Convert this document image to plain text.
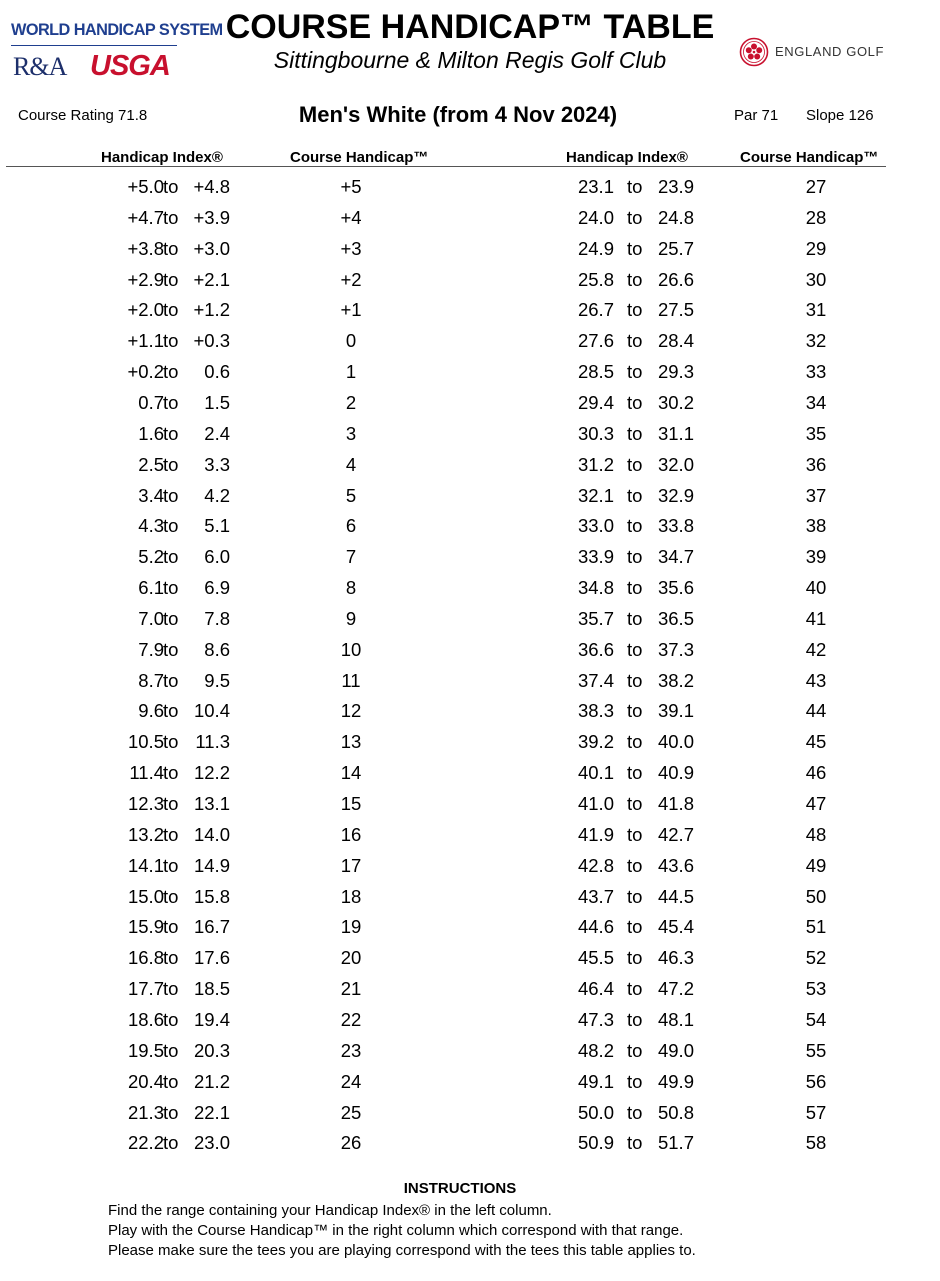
WORLD HANDICAP SYSTEM
R&A USGA	ENGLAND GOLF
COURSE HANDICAP™ TABLE
Sittingbourne & Milton Regis Golf Club
Course Rating 71.8	Men's White (from 4 Nov 2024)	Par 71 Slope 126
Handicap Index®	Course Handicap™	Handicap Index®	Course Handicap™
+5.0 to +4.8	+5	23.1 to 23.9	27
+4.7 to +3.9	+4	24.0 to 24.8	28
+3.8 to +3.0	+3	24.9 to 25.7	29
+2.9 to +2.1	+2	25.8 to 26.6	30
+2.0 to +1.2	+1	26.7 to 27.5	31
+1.1 to +0.3	0	27.6 to 28.4	32
+0.2 to 0.6	1	28.5 to 29.3	33
0.7 to 1.5	2	29.4 to 30.2	34
1.6 to 2.4	3	30.3 to 31.1	35
2.5 to 3.3	4	31.2 to 32.0	36
3.4 to 4.2	5	32.1 to 32.9	37
4.3 to 5.1	6	33.0 to 33.8	38
5.2 to 6.0	7	33.9 to 34.7	39
6.1 to 6.9	8	34.8 to 35.6	40
7.0 to 7.8	9	35.7 to 36.5	41
7.9 to 8.6	10	36.6 to 37.3	42
8.7 to 9.5	11	37.4 to 38.2	43
9.6 to 10.4	12	38.3 to 39.1	44
10.5 to 11.3	13	39.2 to 40.0	45
11.4 to 12.2	14	40.1 to 40.9	46
12.3 to 13.1	15	41.0 to 41.8	47
13.2 to 14.0	16	41.9 to 42.7	48
14.1 to 14.9	17	42.8 to 43.6	49
15.0 to 15.8	18	43.7 to 44.5	50
15.9 to 16.7	19	44.6 to 45.4	51
16.8 to 17.6	20	45.5 to 46.3	52
17.7 to 18.5	21	46.4 to 47.2	53
18.6 to 19.4	22	47.3 to 48.1	54
19.5 to 20.3	23	48.2 to 49.0	55
20.4 to 21.2	24	49.1 to 49.9	56
21.3 to 22.1	25	50.0 to 50.8	57
22.2 to 23.0	26	50.9 to 51.7	58
INSTRUCTIONS
Find the range containing your Handicap Index® in the left column.
Play with the Course Handicap™ in the right column which correspond with that range.
Please make sure the tees you are playing correspond with the tees this table applies to.
